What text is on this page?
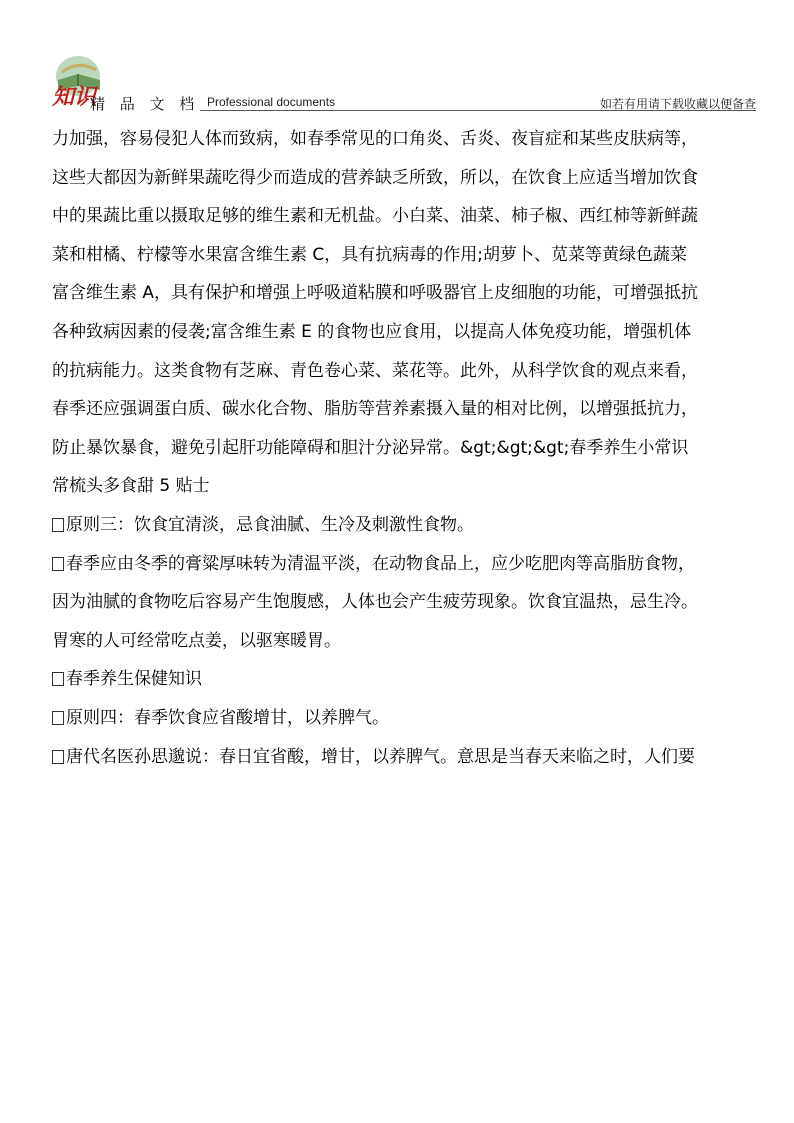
知识
精 品 文 档 Professional documents	如若有用请下载收藏以便备查
力加强，容易侵犯人体而致病，如春季常见的口角炎、舌炎、夜盲症和某些皮肤病等，
这些大都因为新鲜果蔬吃得少而造成的营养缺乏所致，所以，在饮食上应适当增加饮食
中的果蔬比重以摄取足够的维生素和无机盐。小白菜、油菜、柿子椒、西红柿等新鲜蔬
菜和柑橘、柠檬等水果富含维生素 C，具有抗病毒的作用;胡萝卜、苋菜等黄绿色蔬菜
富含维生素 A，具有保护和增强上呼吸道粘膜和呼吸器官上皮细胞的功能，可增强抵抗
各种致病因素的侵袭;富含维生素 E 的食物也应食用，以提高人体免疫功能，增强机体
的抗病能力。这类食物有芝麻、青色卷心菜、菜花等。此外，从科学饮食的观点来看，
春季还应强调蛋白质、碳水化合物、脂肪等营养素摄入量的相对比例，以增强抵抗力，
防止暴饮暴食，避免引起肝功能障碍和胆汁分泌异常。&gt;&gt;&gt;春季养生小常识
常梳头多食甜 5 贴士
原则三：饮食宜清淡，忌食油腻、生冷及刺激性食物。
春季应由冬季的膏粱厚味转为清温平淡，在动物食品上，应少吃肥肉等高脂肪食物，
因为油腻的食物吃后容易产生饱腹感，人体也会产生疲劳现象。饮食宜温热，忌生冷。
胃寒的人可经常吃点姜，以驱寒暖胃。
春季养生保健知识
原则四：春季饮食应省酸增甘，以养脾气。
唐代名医孙思邈说：春日宜省酸，增甘，以养脾气。意思是当春天来临之时，人们要
